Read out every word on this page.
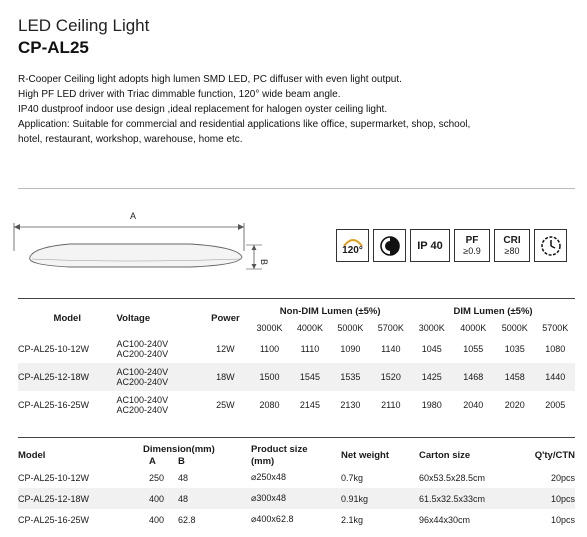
LED Ceiling Light
CP-AL25

R-Cooper Ceiling light adopts high lumen SMD LED, PC diffuser with even light output.

High PF LED driver with Triac dimmable function, 120° wide beam angle.

IP40 dustproof indoor use design ,ideal replacement for halogen oyster ceiling light.

Application: Suitable for commercial and residential applications like office, supermarket, shop, school,

hotel, restaurant, workshop, warehouse, home etc.

A
B
120°	IP 40	PF
≥0.9
CRI
≥80
Model	Voltage	Power	Non-DIM Lumen (±5%)				DIM Lumen (±5%)			
			3000K	4000K	5000K	5700K	3000K	4000K	5000K	5700K
CP-AL25-10-12W	AC100-240V
AC200-240V	12W	1100	1110	1090	1140	1045	1055	1035	1080
CP-AL25-12-18W	AC100-240V
AC200-240V	18W	1500	1545	1535	1520	1425	1468	1458	1440
CP-AL25-16-25W	AC100-240V
AC200-240V	25W	2080	2145	2130	2110	1980	2040	2020	2005
Model	Dimension(mm)		Product size	Net weight	Carton size	Q'ty/CTN
	A	B	(mm)			
CP-AL25-10-12W	250	48	⌀250x48	0.7kg	60x53.5x28.5cm	20pcs
CP-AL25-12-18W	400	48	⌀300x48	0.91kg	61.5x32.5x33cm	10pcs
CP-AL25-16-25W	400	62.8	⌀400x62.8	2.1kg	96x44x30cm	10pcs
